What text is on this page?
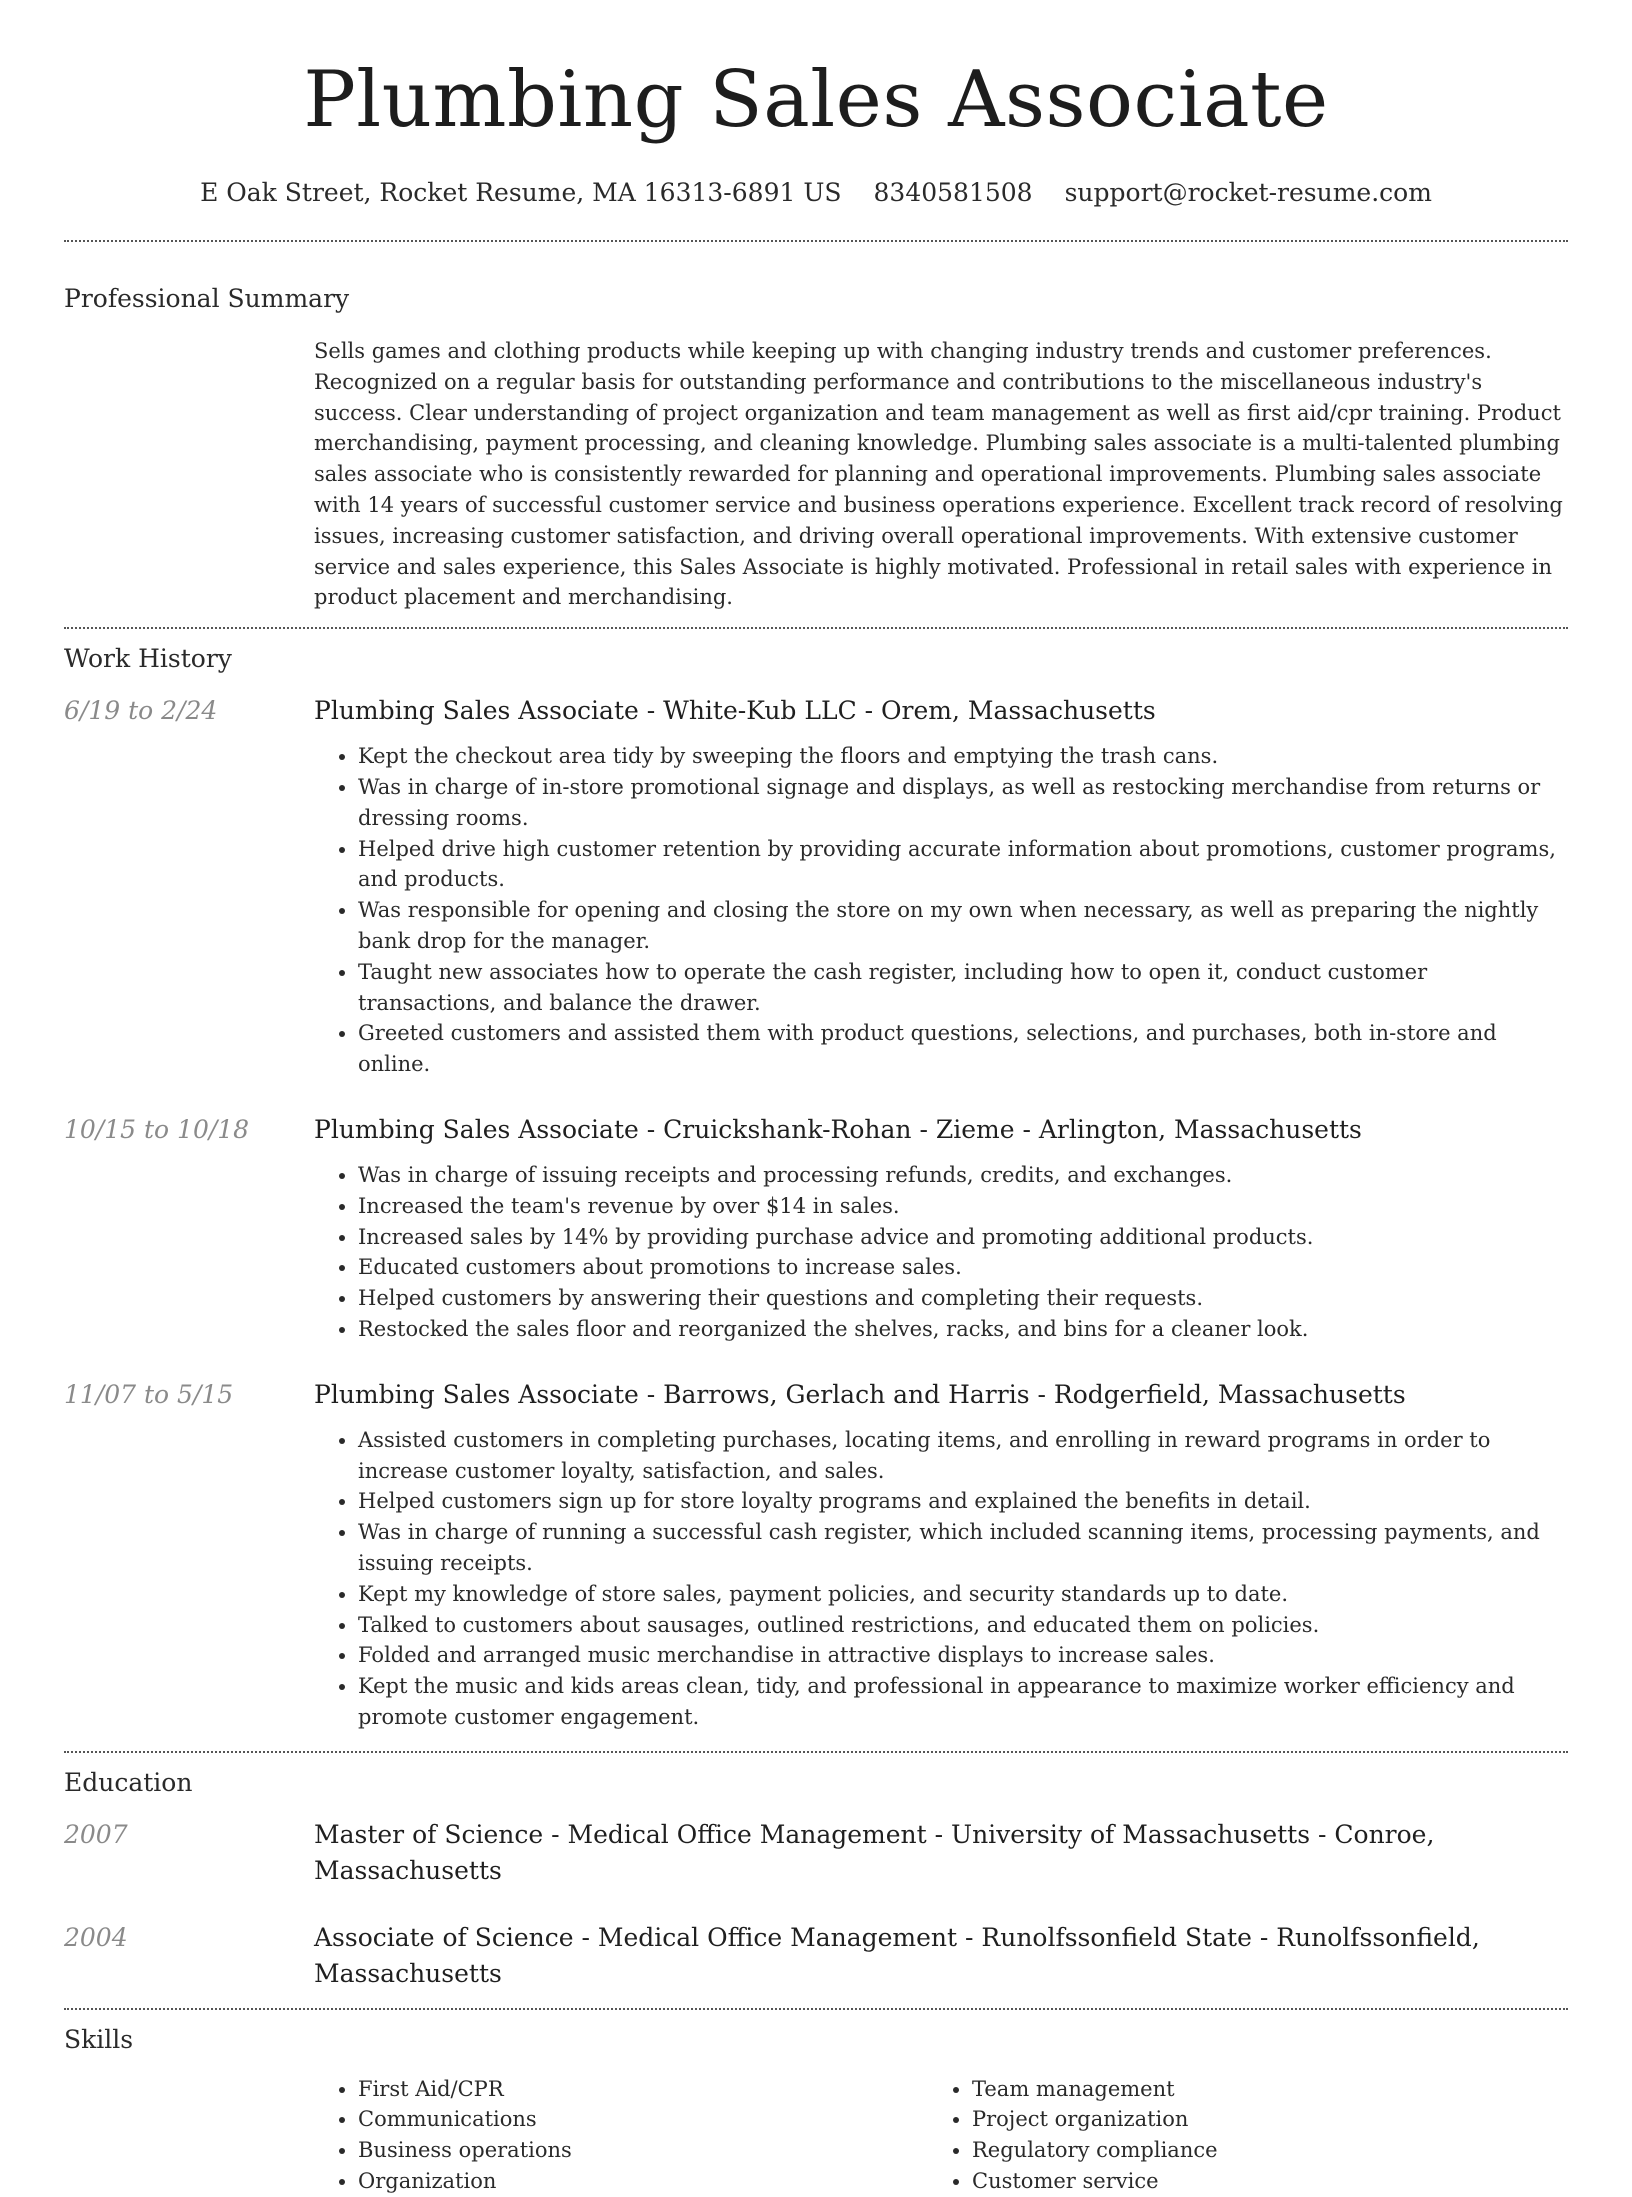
Plumbing Sales Associate
E Oak Street, Rocket Resume, MA 16313-6891 US 8340581508 support@rocket-resume.com
Professional Summary
Sells games and clothing products while keeping up with changing industry trends and customer preferences. Recognized on a regular basis for outstanding performance and contributions to the miscellaneous industry's success. Clear understanding of project organization and team management as well as first aid/cpr training. Product merchandising, payment processing, and cleaning knowledge. Plumbing sales associate is a multi-talented plumbing sales associate who is consistently rewarded for planning and operational improvements. Plumbing sales associate with 14 years of successful customer service and business operations experience. Excellent track record of resolving issues, increasing customer satisfaction, and driving overall operational improvements. With extensive customer service and sales experience, this Sales Associate is highly motivated. Professional in retail sales with experience in product placement and merchandising.
Work History
6/19 to 2/24	Plumbing Sales Associate - White-Kub LLC - Orem, Massachusetts
• Kept the checkout area tidy by sweeping the floors and emptying the trash cans.
• Was in charge of in-store promotional signage and displays, as well as restocking merchandise from returns or dressing rooms.
• Helped drive high customer retention by providing accurate information about promotions, customer programs, and products.
• Was responsible for opening and closing the store on my own when necessary, as well as preparing the nightly bank drop for the manager.
• Taught new associates how to operate the cash register, including how to open it, conduct customer transactions, and balance the drawer.
• Greeted customers and assisted them with product questions, selections, and purchases, both in-store and online.
10/15 to 10/18	Plumbing Sales Associate - Cruickshank-Rohan - Zieme - Arlington, Massachusetts
• Was in charge of issuing receipts and processing refunds, credits, and exchanges.
• Increased the team's revenue by over $14 in sales.
• Increased sales by 14% by providing purchase advice and promoting additional products.
• Educated customers about promotions to increase sales.
• Helped customers by answering their questions and completing their requests.
• Restocked the sales floor and reorganized the shelves, racks, and bins for a cleaner look.
11/07 to 5/15	Plumbing Sales Associate - Barrows, Gerlach and Harris - Rodgerfield, Massachusetts
• Assisted customers in completing purchases, locating items, and enrolling in reward programs in order to increase customer loyalty, satisfaction, and sales.
• Helped customers sign up for store loyalty programs and explained the benefits in detail.
• Was in charge of running a successful cash register, which included scanning items, processing payments, and issuing receipts.
• Kept my knowledge of store sales, payment policies, and security standards up to date.
• Talked to customers about sausages, outlined restrictions, and educated them on policies.
• Folded and arranged music merchandise in attractive displays to increase sales.
• Kept the music and kids areas clean, tidy, and professional in appearance to maximize worker efficiency and promote customer engagement.
Education
2007	Master of Science - Medical Office Management - University of Massachusetts - Conroe, Massachusetts
2004	Associate of Science - Medical Office Management - Runolfssonfield State - Runolfssonfield, Massachusetts
Skills
• First Aid/CPR
• Communications
• Business operations
• Organization
• Team management
• Project organization
• Regulatory compliance
• Customer service
